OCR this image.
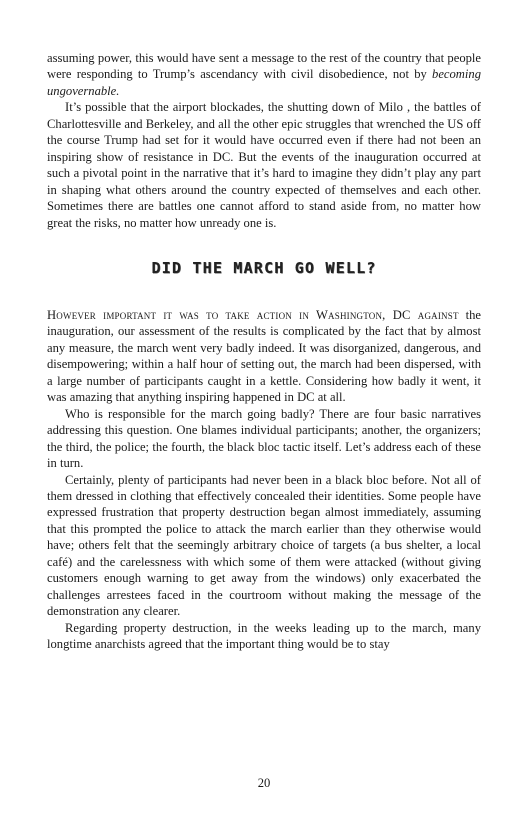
assuming power, this would have sent a message to the rest of the country that people were responding to Trump’s ascendancy with civil disobedience, not by becoming ungovernable.

It’s possible that the airport blockades, the shutting down of Milo , the battles of Charlottesville and Berkeley, and all the other epic struggles that wrenched the US off the course Trump had set for it would have occurred even if there had not been an inspiring show of resistance in DC. But the events of the inauguration occurred at such a pivotal point in the narrative that it’s hard to imagine they didn’t play any part in shaping what others around the country expected of themselves and each other. Sometimes there are battles one cannot afford to stand aside from, no matter how great the risks, no matter how unready one is.

DID THE MARCH GO WELL?

However important it was to take action in Washington, DC against the inauguration, our assessment of the results is complicated by the fact that by almost any measure, the march went very badly indeed. It was disorganized, dangerous, and disempowering; within a half hour of setting out, the march had been dispersed, with a large number of participants caught in a kettle. Considering how badly it went, it was amazing that anything inspiring happened in DC at all.

Who is responsible for the march going badly? There are four basic narratives addressing this question. One blames individual participants; another, the organizers; the third, the police; the fourth, the black bloc tactic itself. Let’s address each of these in turn.

Certainly, plenty of participants had never been in a black bloc before. Not all of them dressed in clothing that effectively concealed their identities. Some people have expressed frustration that property destruction began almost immediately, assuming that this prompted the police to attack the march earlier than they otherwise would have; others felt that the seemingly arbitrary choice of targets (a bus shelter, a local café) and the carelessness with which some of them were attacked (without giving customers enough warning to get away from the windows) only exacerbated the challenges arrestees faced in the courtroom without making the message of the demonstration any clearer.

Regarding property destruction, in the weeks leading up to the march, many longtime anarchists agreed that the important thing would be to stay

20
